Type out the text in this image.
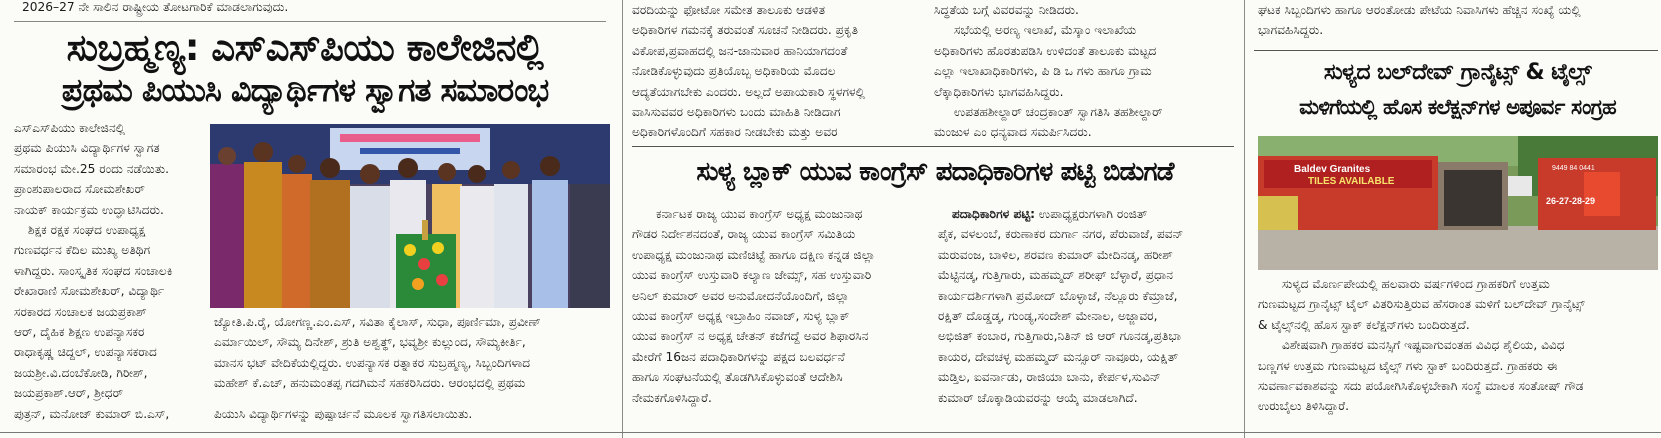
2026–27 ನೇ ಸಾಲಿನ ರಾಷ್ಟ್ರೀಯ ತೋಟಗಾರಿಕೆ ಮಾಡಲಾಗುವುದು.
ಸುಬ್ರಹ್ಮಣ್ಯ: ಎಸ್‌ಎಸ್‌ಪಿಯು ಕಾಲೇಜಿನಲ್ಲಿ
ಪ್ರಥಮ ಪಿಯುಸಿ ವಿದ್ಯಾರ್ಥಿಗಳ ಸ್ವಾಗತ ಸಮಾರಂಭ

ಎಸ್‌ಎಸ್‌ಪಿಯು ಕಾಲೇಜಿನಲ್ಲಿ

ಪ್ರಥಮ ಪಿಯುಸಿ ವಿದ್ಯಾರ್ಥಿಗಳ ಸ್ವಾಗತ

ಸಮಾರಂಭ ಮೇ.25 ರಂದು ನಡೆಯಿತು.

ಪ್ರಾಂಶುಪಾಲರಾದ ಸೋಮಶೇಖರ್

ನಾಯಕ್ ಕಾರ್ಯಕ್ರಮ ಉದ್ಘಾಟಿಸಿದರು.

ಶಿಕ್ಷಕ ರಕ್ಷಕ ಸಂಘದ ಉಪಾಧ್ಯಕ್ಷ

ಗುಣವರ್ಧನ ಕೆದಿಲ ಮುಖ್ಯ ಅತಿಥಿಗ

ಳಾಗಿದ್ದರು. ಸಾಂಸ್ಕೃತಿಕ ಸಂಘದ ಸಂಚಾಲಕಿ

ರೇಖಾರಾಣಿ ಸೋಮಶೇಖರ್, ವಿದ್ಯಾರ್ಥಿ

ಸರಕಾರದ ಸಂಚಾಲಕ ಜಯಪ್ರಕಾಶ್

ಆರ್, ದೈಹಿಕ ಶಿಕ್ಷಣ ಉಪನ್ಯಾಸಕರ

ರಾಧಾಕೃಷ್ಣ ಚಿದ್ದಲ್, ಉಪನ್ಯಾಸಕರಾದ

ಜಯಶ್ರೀ.ವಿ.ದಂಬೆಕೋಡಿ, ಗಿರೀಶ್,

ಜಯಪ್ರಕಾಶ್.ಆರ್, ಶ್ರೀಧರ್

ಜ್ಯೋತಿ.ಪಿ.ರೈ, ಯೋಗಣ್ಣ.ಎಂ.ಎಸ್, ಸವಿತಾ ಕೈಲಾಸ್, ಸುಧಾ, ಪೂರ್ಣಿಮಾ, ಪ್ರವೀಣ್

ಎರ್ಮಾಯಿಲ್, ಸೌಮ್ಯ ದಿನೇಶ್, ಶ್ರುತಿ ಅಶ್ವತ್ಥ್, ಭವ್ಯಶ್ರೀ ಕುಲ್ಲುಂದ, ಸೌಮ್ಯಕೀರ್ತಿ,

ಮಾನಸ ಭಟ್ ವೇದಿಕೆಯಲ್ಲಿದ್ದರು. ಉಪನ್ಯಾಸಕ ರತ್ನಾಕರ ಸುಬ್ರಹ್ಮಣ್ಯ, ಸಿಬ್ಬಂದಿಗಳಾದ

ಮಹೇಶ್ ಕೆ.ಎಚ್, ಹನುಮಂತಪ್ಪ ಗದಗಿಮನೆ ಸಹಕರಿಸಿದರು. ಆರಂಭದಲ್ಲಿ ಪ್ರಥಮ

ಪುತ್ರನ್, ಮನೋಜ್ ಕುಮಾರ್ ಬಿ.ಎಸ್,	ಪಿಯುಸಿ ವಿದ್ಯಾರ್ಥಿಗಳನ್ನು ಪುಷ್ಪಾರ್ಚನೆ ಮೂಲಕ ಸ್ವಾಗತಿಸಲಾಯಿತು.

ವರದಿಯನ್ನು ಫೋಟೋ ಸಮೇತ ತಾಲೂಕು ಆಡಳಿತ

ಅಧಿಕಾರಿಗಳ ಗಮನಕ್ಕೆ ತರುವಂತೆ ಸೂಚನೆ ನೀಡಿದರು. ಪ್ರಕೃತಿ

ವಿಕೋಪ,ಪ್ರವಾಹದಲ್ಲಿ ಜನ-ಜಾನುವಾರ ಹಾನಿಯಾಗದಂತೆ

ನೋಡಿಕೊಳ್ಳುವುದು ಪ್ರತಿಯೊಬ್ಬ ಅಧಿಕಾರಿಯ ಮೊದಲ

ಆದ್ಯತೆಯಾಗಬೇಕು ಎಂದರು. ಅಲ್ಲದೆ ಅಪಾಯಕಾರಿ ಸ್ಥಳಗಳಲ್ಲಿ

ವಾಸಿಸುವವರ ಅಧಿಕಾರಿಗಳು ಬಂದು ಮಾಹಿತಿ ನೀಡಿದಾಗ

ಅಧಿಕಾರಿಗಳೊಂದಿಗೆ ಸಹಕಾರ ನೀಡಬೇಕು ಮತ್ತು ಅವರ

ಸಿದ್ಧತೆಯ ಬಗ್ಗೆ ವಿವರವನ್ನು ನೀಡಿದರು.

ಸಭೆಯಲ್ಲಿ ಅರಣ್ಯ ಇಲಾಖೆ, ಮೆಸ್ಕಾಂ ಇಲಾಖೆಯ

ಅಧಿಕಾರಿಗಳು ಹೊರತುಪಡಿಸಿ ಉಳಿದಂತೆ ತಾಲೂಕು ಮಟ್ಟದ

ಎಲ್ಲಾ ಇಲಾಖಾಧಿಕಾರಿಗಳು, ಪಿ ಡಿ ಒ ಗಳು ಹಾಗೂ ಗ್ರಾಮ

ಲೆಕ್ಕಾಧಿಕಾರಿಗಳು ಭಾಗವಹಿಸಿದ್ದರು.

ಉಪತಹಶೀಲ್ದಾರ್ ಚಂದ್ರಕಾಂತ್ ಸ್ವಾಗತಿಸಿ ತಹಶೀಲ್ದಾರ್

ಮಂಜುಳ ಎಂ ಧನ್ಯವಾದ ಸಮರ್ಪಿಸಿದರು.

ಸುಳ್ಯ ಬ್ಲಾಕ್ ಯುವ ಕಾಂಗ್ರೆಸ್ ಪದಾಧಿಕಾರಿಗಳ ಪಟ್ಟಿ ಬಿಡುಗಡೆ

ಕರ್ನಾಟಕ ರಾಜ್ಯ ಯುವ ಕಾಂಗ್ರೆಸ್ ಅಧ್ಯಕ್ಷ ಮಂಜುನಾಥ

ಗೌಡರ ನಿರ್ದೇಶನದಂತೆ, ರಾಜ್ಯ ಯುವ ಕಾಂಗ್ರೆಸ್ ಸಮಿತಿಯ

ಉಪಾಧ್ಯಕ್ಷ ಮಂಜುನಾಥ ಮಣಿಚಿಟ್ಟೆ ಹಾಗೂ ದಕ್ಷಿಣ ಕನ್ನಡ ಜಿಲ್ಲಾ

ಯುವ ಕಾಂಗ್ರೆಸ್ ಉಸ್ತುವಾರಿ ಕಲ್ಯಾಣ ಜೇಮ್ಸ್, ಸಹ ಉಸ್ತುವಾರಿ

ಅನಿಲ್ ಕುಮಾರ್ ಅವರ ಅನುಮೋದನೆಯೊಂದಿಗೆ, ಜಿಲ್ಲಾ

ಯುವ ಕಾಂಗ್ರೆಸ್ ಅಧ್ಯಕ್ಷ ಇಬ್ರಾಹಿಂ ನವಾಜ್, ಸುಳ್ಯ ಬ್ಲಾಕ್

ಯುವ ಕಾಂಗ್ರೆಸ್ ನ ಅಧ್ಯಕ್ಷ ಚೇತನ್ ಕಜೆಗದ್ದೆ ಅವರ ಶಿಫಾರಸಿನ

ಮೇರೆಗೆ 16ಜನ ಪದಾಧಿಕಾರಿಗಳನ್ನು ಪಕ್ಷದ ಬಲವರ್ಧನೆ

ಹಾಗೂ ಸಂಘಟನೆಯಲ್ಲಿ ತೊಡಗಿಸಿಕೊಳ್ಳುವಂತೆ ಆದೇಶಿಸಿ

ನೇಮಕಗೊಳಿಸಿದ್ದಾರೆ.

ಪದಾಧಿಕಾರಿಗಳ ಪಟ್ಟಿ: ಉಪಾಧ್ಯಕ್ಷರುಗಳಾಗಿ ರಂಜಿತ್

ಪೈಕ, ವಳಲಂಬೆ, ಕರುಣಾಕರ ದುರ್ಗಾ ನಗರ, ಪೆರುವಾಜೆ, ಪವನ್

ಮರುವಂಜ, ಬಾಳಿಲ, ಶರವಣ ಕುಮಾರ್ ಮೇದಿನಡ್ಕ, ಹರೀಶ್

ಮೆಟ್ಟಿನಡ್ಕ, ಗುತ್ತಿಗಾರು, ಮಹಮ್ಮದ್ ಶರೀಫ್ ಬೆಳ್ಳಾರೆ, ಪ್ರಧಾನ

ಕಾರ್ಯದರ್ಶಿಗಳಾಗಿ ಪ್ರಮೋದ್ ಬೊಳ್ಳಾಜೆ, ನೆಲ್ಲೂರು ಕೆಮ್ರಾಜೆ,

ರಕ್ಷಿತ್ ದೊಡ್ಡಡ್ಕ, ಗುಂಡ್ಯ,ಸಂದೇಶ್ ಮೇನಾಲ, ಅಜ್ಜಾವರ,

ಅಭಿಜಿತ್ ಕಂಬಾರ, ಗುತ್ತಿಗಾರು,ನಿತಿನ್ ಜಿ ಆರ್ ಗೂನಡ್ಕ,ಪ್ರತಿಭಾ

ಕಾಯರ, ದೇವಚಳ್ಳ ಮಹಮ್ಮದ್ ಮನ್ಸೂರ್ ನಾವೂರು, ಯಕ್ಷಿತ್

ಮಡ್ತಿಲ, ಐವರ್ನಾಡು, ರಾಜಿಯಾ ಬಾನು, ಕೇರ್ಪಳ,ಸುವಿನ್

ಕುಮಾರ್ ಚೊಕ್ಕಾಡಿಯವರನ್ನು ಆಯ್ಕೆ ಮಾಡಲಾಗಿದೆ.

ಘಟಕ ಸಿಬ್ಬಂದಿಗಳು ಹಾಗೂ ಆರಂತೋಡು ಪೇಟೆಯ ನಿವಾಸಿಗಳು ಹೆಚ್ಚಿನ ಸಂಖ್ಯೆ ಯಲ್ಲಿ

ಭಾಗವಹಿಸಿದ್ದರು.

ಸುಳ್ಯದ ಬಲ್‌ದೇವ್ ಗ್ರಾನೈಟ್ಸ್ & ಟೈಲ್ಸ್
ಮಳಿಗೆಯಲ್ಲಿ ಹೊಸ ಕಲೆಕ್ಷನ್‌ಗಳ ಅಪೂರ್ವ ಸಂಗ್ರಹ
Baldev Granites
TILES AVAILABLE
9449 84 0441
26-27-28-29

ಸುಳ್ಯದ ಮೊರ್ಣಪೇಯಲ್ಲಿ ಹಲವಾರು ವರ್ಷಗಳಿಂದ ಗ್ರಾಹಕರಿಗೆ ಉತ್ತಮ

ಗುಣಮಟ್ಟದ ಗ್ರಾನೈಟ್ಸ್ ಟೈಲ್ ವಿತರಿಸುತ್ತಿರುವ ಹೆಸರಾಂತ ಮಳಿಗೆ ಬಲ್‌ದೇವ್ ಗ್ರಾನೈಟ್ಸ್

& ಟೈಲ್ಸ್‌ನಲ್ಲಿ ಹೊಸ ಸ್ಟಾಕ್ ಕಲೆಕ್ಷನ್‌ಗಳು ಬಂದಿರುತ್ತದೆ.

ವಿಶೇಷವಾಗಿ ಗ್ರಾಹಕರ ಮನಸ್ಸಿಗೆ ಇಷ್ಟವಾಗುವಂತಹ ವಿವಿಧ ಶೈಲಿಯ, ವಿವಿಧ

ಬಣ್ಣಗಳ ಉತ್ತಮ ಗುಣಮಟ್ಟದ ಟೈಲ್ಸ್ ಗಳು ಸ್ಟಾಕ್ ಬಂದಿರುತ್ತದೆ. ಗ್ರಾಹಕರು ಈ

ಸುವರ್ಣಾವಕಾಶವನ್ನು ಸದು ಪಯೋಗಿಸಿಕೊಳ್ಳಬೇಕಾಗಿ ಸಂಸ್ಥೆ ಮಾಲಕ ಸಂತೋಷ್ ಗೌಡ

ಉರುಬೈಲು ತಿಳಿಸಿದ್ದಾರೆ.
